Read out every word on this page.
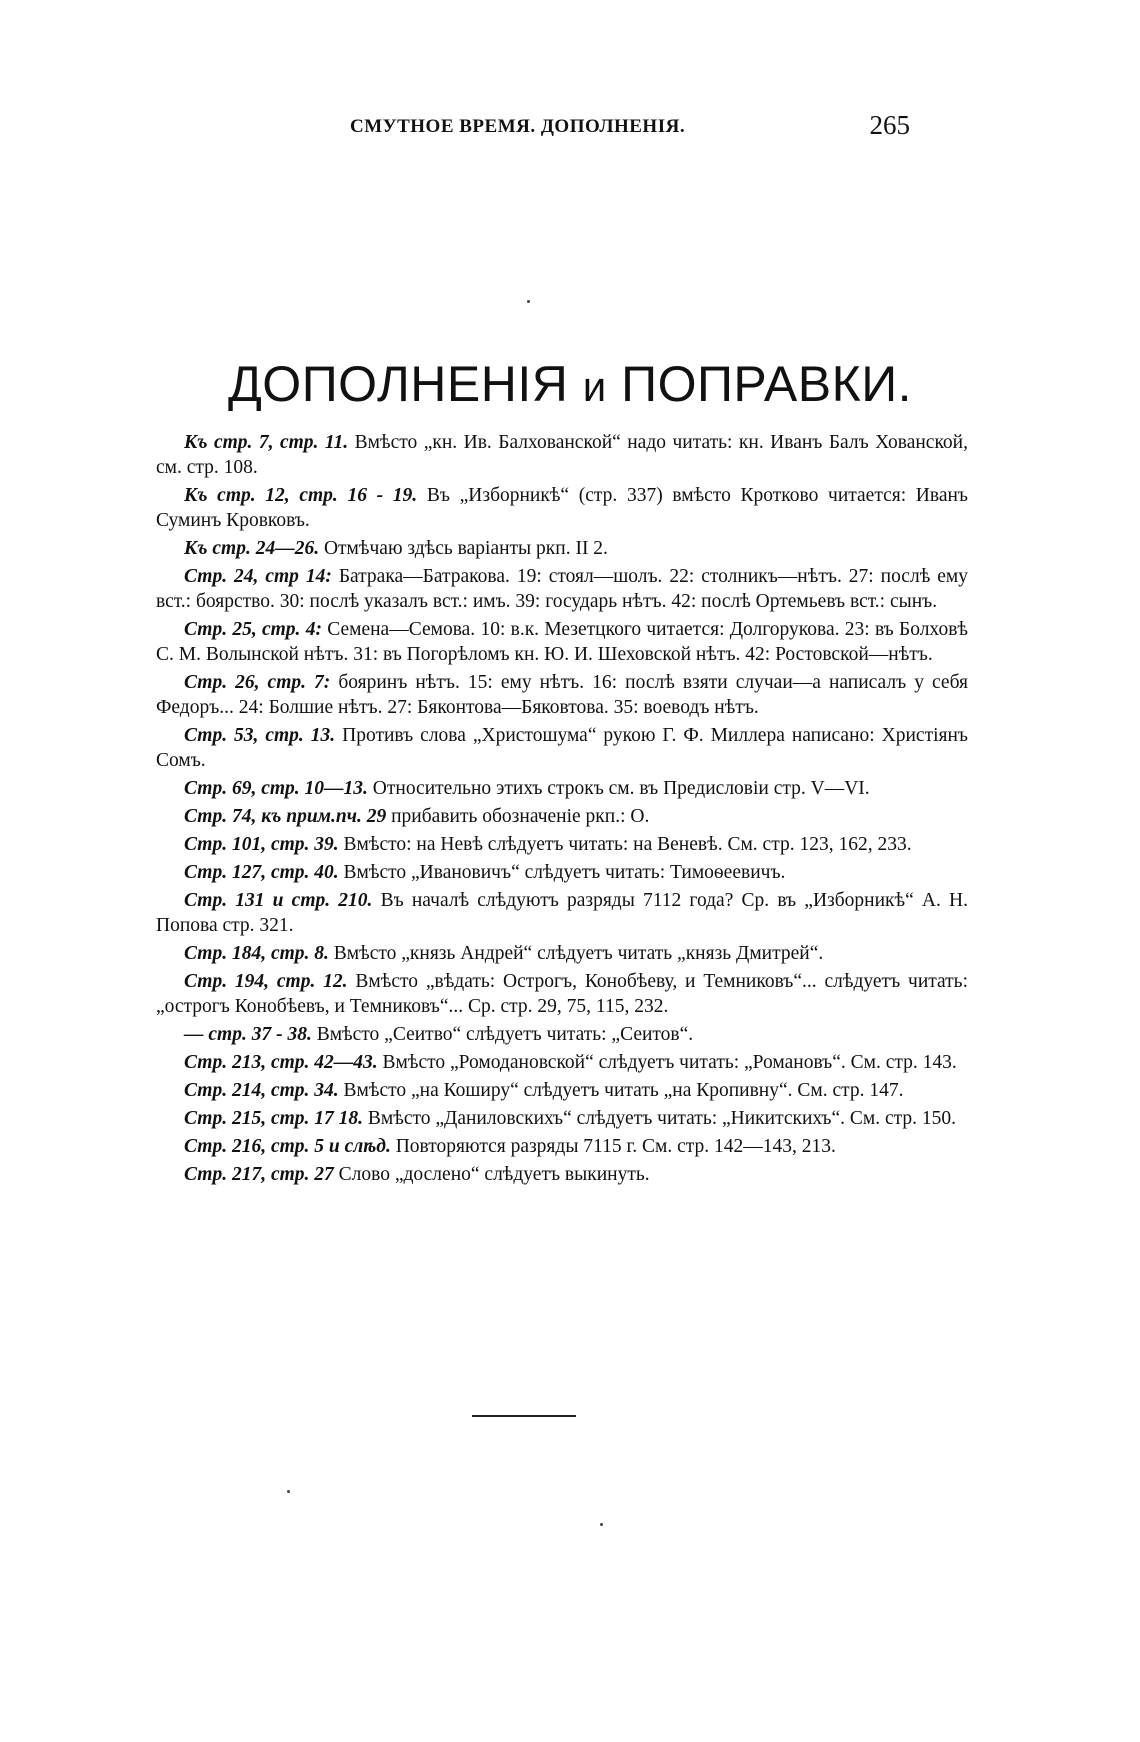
СМУТНОЕ ВРЕМЯ. ДОПОЛНЕНІЯ.	265
ДОПОЛНЕНІЯ и ПОПРАВКИ.

Къ стр. 7, стр. 11. Вмѣсто „кн. Ив. Балхованской“ надо читать: кн. Иванъ Балъ Хованской, см. стр. 108.

Къ стр. 12, стр. 16 - 19. Въ „Изборникѣ“ (стр. 337) вмѣсто Кротково читается: Иванъ Суминъ Кровковъ.

Къ стр. 24—26. Отмѣчаю здѣсь варіанты ркп. II 2.

Стр. 24, стр 14: Батрака—Батракова. 19: стоял—шолъ. 22: столникъ—нѣтъ. 27: послѣ ему вст.: боярство. 30: послѣ указалъ вст.: имъ. 39: государь нѣтъ. 42: послѣ Ортемьевъ вст.: сынъ.

Стр. 25, стр. 4: Семена—Семова. 10: в.к. Мезетцкого читается: Долгорукова. 23: въ Болховѣ С. М. Волынской нѣтъ. 31: въ Погорѣломъ кн. Ю. И. Шеховской нѣтъ. 42: Ростовской—нѣтъ.

Стр. 26, стр. 7: бояринъ нѣтъ. 15: ему нѣтъ. 16: послѣ взяти случаи—а написалъ у себя Федоръ... 24: Болшие нѣтъ. 27: Бяконтова—Бяковтова. 35: воеводъ нѣтъ.

Стр. 53, стр. 13. Противъ слова „Христошума“ рукою Г. Ф. Миллера написано: Христіянъ Сомъ.

Стр. 69, стр. 10—13. Относительно этихъ строкъ см. въ Предисловіи стр. V—VI.

Стр. 74, къ прим.пч. 29 прибавить обозначеніе ркп.: О.

Стр. 101, стр. 39. Вмѣсто: на Невѣ слѣдуетъ читать: на Веневѣ. См. стр. 123, 162, 233.

Стр. 127, стр. 40. Вмѣсто „Ивановичъ“ слѣдуетъ читать: Тимоѳеевичъ.

Стр. 131 и стр. 210. Въ началѣ слѣдуютъ разряды 7112 года? Ср. въ „Изборникѣ“ А. Н. Попова стр. 321.

Стр. 184, стр. 8. Вмѣсто „князь Андрей“ слѣдуетъ читать „князь Дмитрей“.

Стр. 194, стр. 12. Вмѣсто „вѣдать: Острогъ, Конобѣеву, и Темниковъ“... слѣдуетъ читать: „острогъ Конобѣевъ, и Темниковъ“... Ср. стр. 29, 75, 115, 232.

— стр. 37 - 38. Вмѣсто „Сеитво“ слѣдуетъ читать: „Сеитов“.

Стр. 213, стр. 42—43. Вмѣсто „Ромодановской“ слѣдуетъ читать: „Романовъ“. См. стр. 143.

Стр. 214, стр. 34. Вмѣсто „на Коширу“ слѣдуетъ читать „на Кропивну“. См. стр. 147.

Стр. 215, стр. 17 18. Вмѣсто „Даниловскихъ“ слѣдуетъ читать: „Никитскихъ“. См. стр. 150.

Стр. 216, стр. 5 и слѣд. Повторяются разряды 7115 г. См. стр. 142—143, 213.

Стр. 217, стр. 27 Слово „дослено“ слѣдуетъ выкинуть.
